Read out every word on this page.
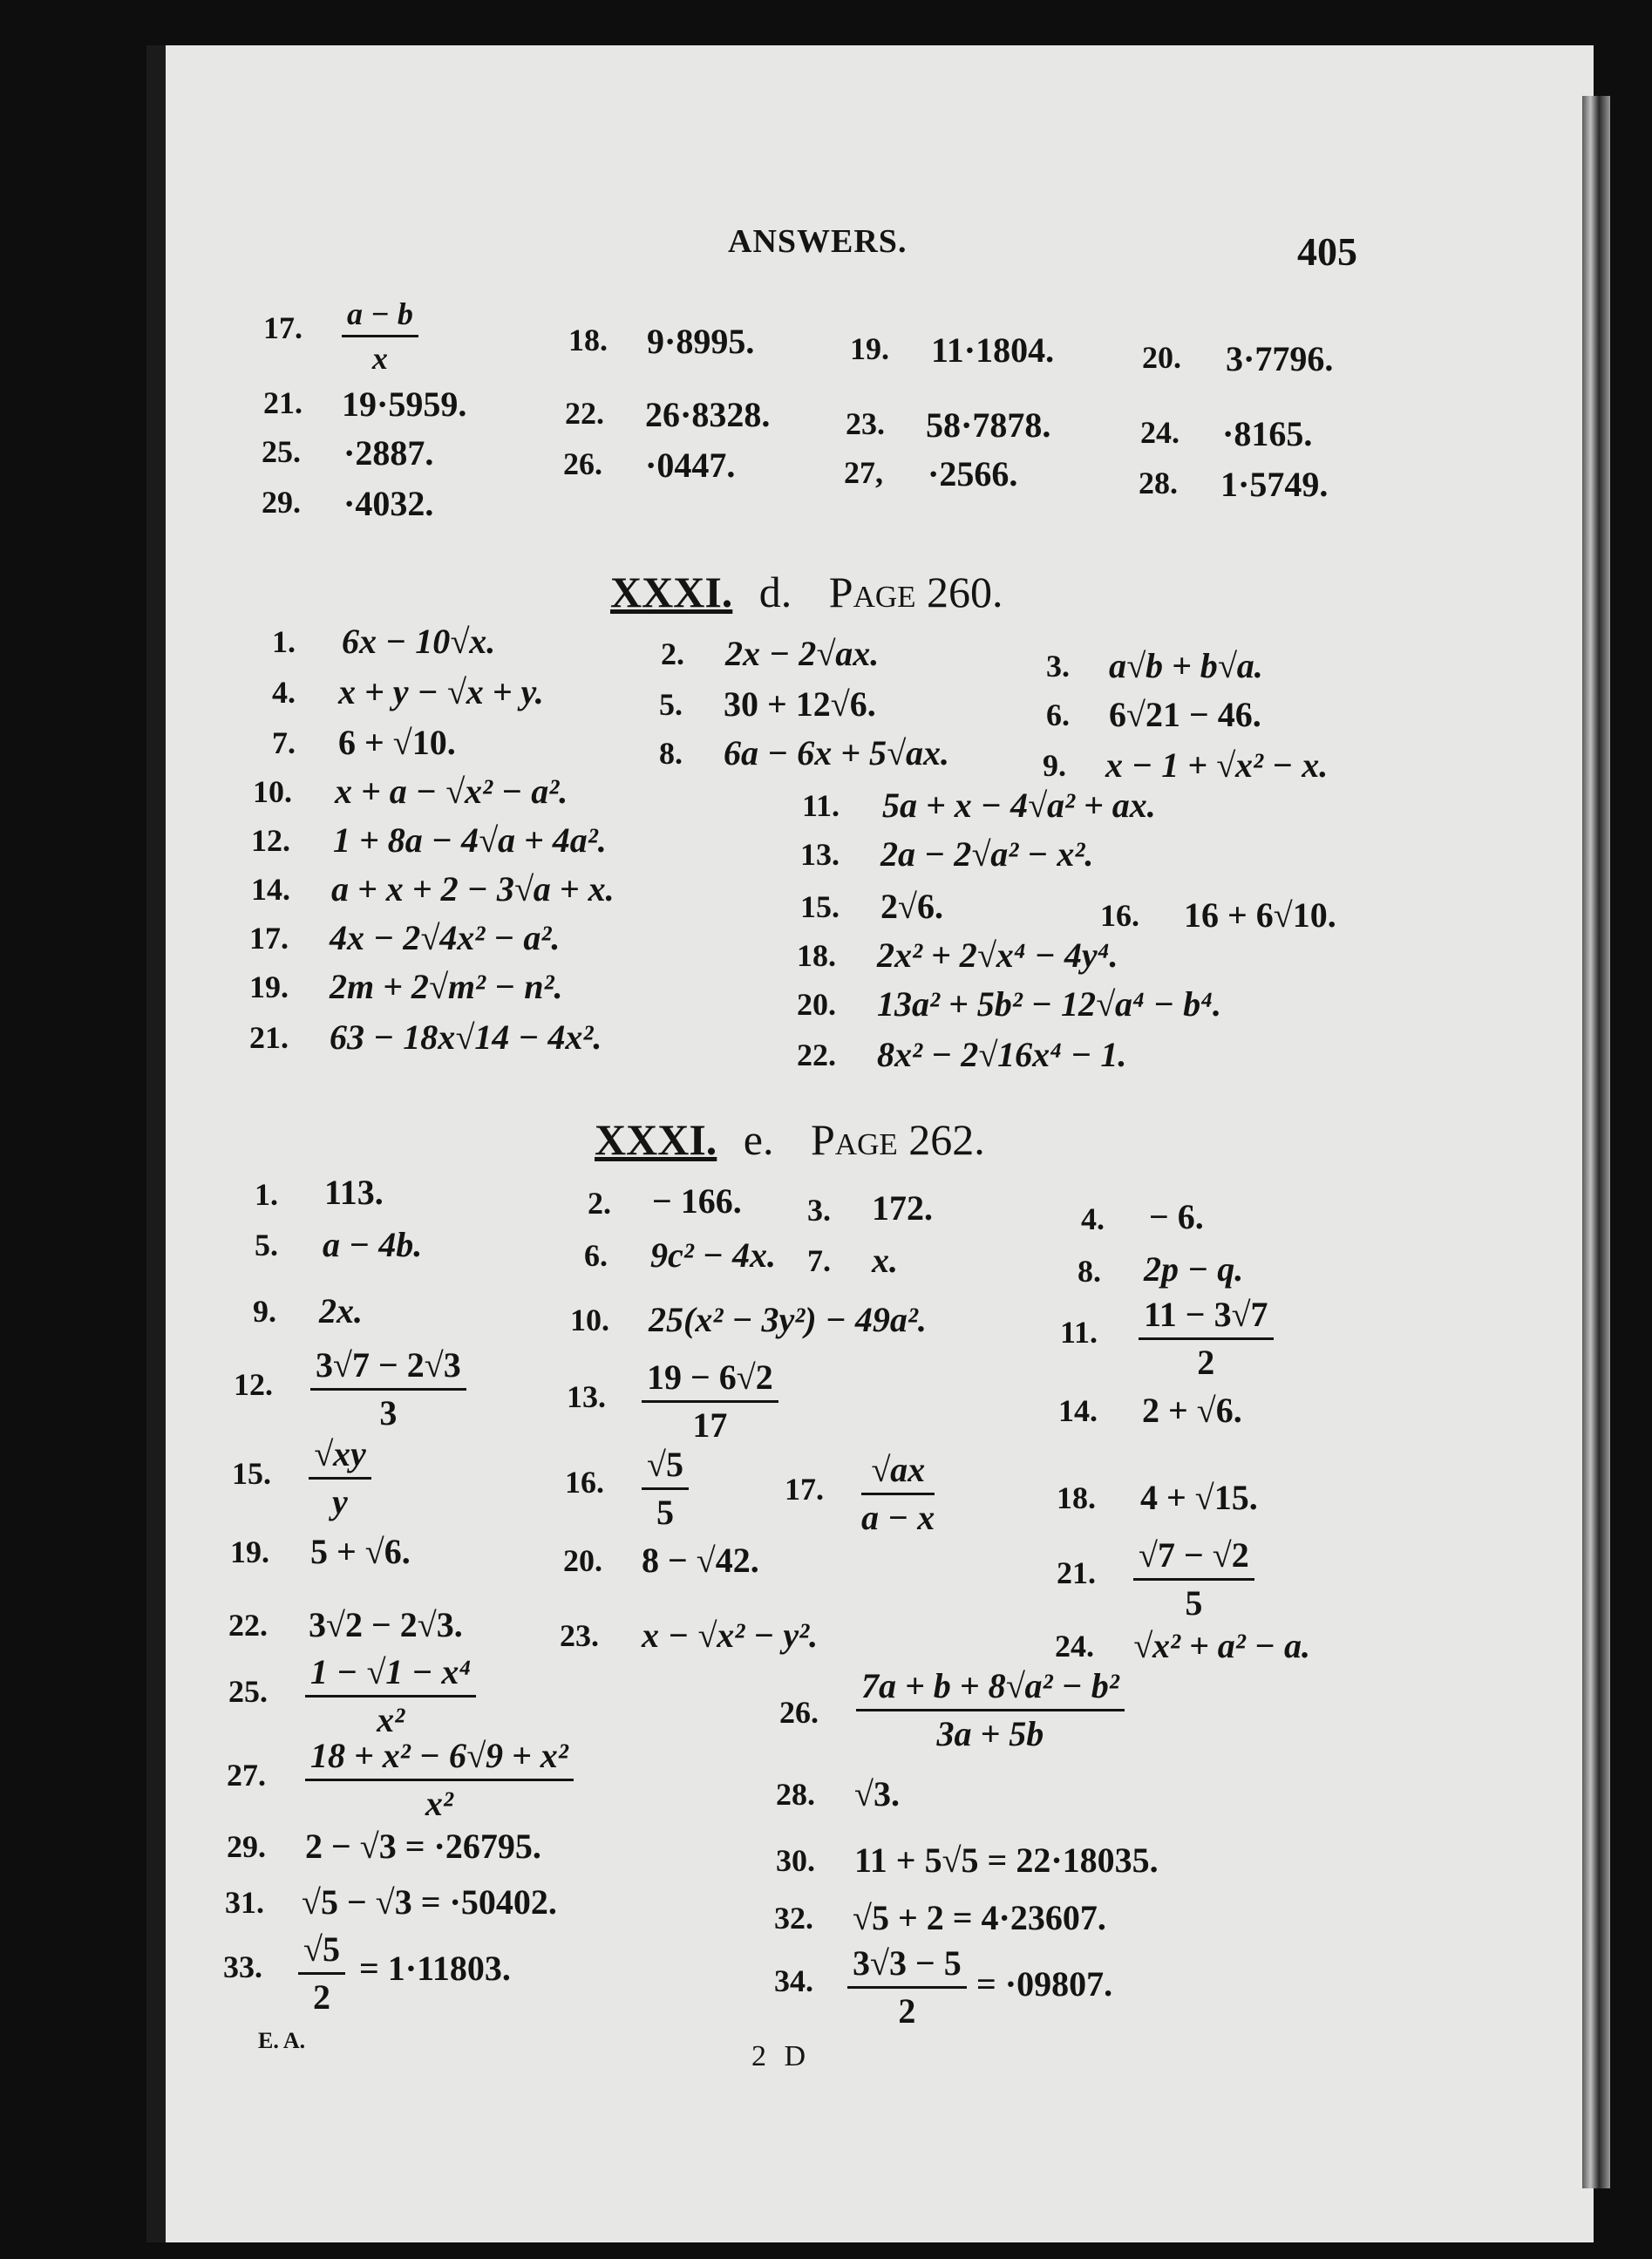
ANSWERS.	405
17. $\frac{a - b}{x}$	18. 9·8995.	19. 11·1804.	20. 3·7796.
21. 19·5959.	22. 26·8328. 23. 58·7878.	24. ·8165.
25. ·2887.	26. ·0447.	27, ·2566.	28. 1·5749.
29. ·4032.
XXXI. d. Page 260.
1. 6x − 10√x.	2. 2x − 2√ax.	3. a√b + b√a.
4. x + y − √x + y.	5. 30 + 12√6.	6. 6√21 − 46.
7. 6 + √10.	8. 6a − 6x + 5√ax.	9. x − 1 + √x² − x.
10. x + a − √x² − a².	11. 5a + x − 4√a² + ax.
12. 1 + 8a − 4√a + 4a².	13. 2a − 2√a² − x².
14. a + x + 2 − 3√a + x.	15. 2√6.	16. 16 + 6√10.
17. 4x − 2√4x² − a².	18. 2x² + 2√x⁴ − 4y⁴.
19. 2m + 2√m² − n².	20. 13a² + 5b² − 12√a⁴ − b⁴.
21. 63 − 18x√14 − 4x².	22. 8x² − 2√16x⁴ − 1.
XXXI. e. Page 262.
1. 113.	2. − 166. 3. 172.	4. − 6.
5. a − 4b.	6. 9c² − 4x. 7. x.	8. 2p − q.
9. 2x.	10. 25(x² − 3y²) − 49a².	11. $\frac{11 - 3√7}{2}$
12. $\frac{3√7 - 2√3}{3}$	13. $\frac{19 - 6√2}{17}$	14. 2 + √6.
15. $\frac{√xy}{y}$	16. $\frac{√5}{5}$	17. $\frac{√ax}{a - x}$	18. 4 + √15.
19. 5 + √6.	20. 8 − √42.	21. $\frac{√7 - √2}{5}$
22. 3√2 − 2√3.	23. x − √x² − y².	24. √x² + a² − a.
25. $\frac{\text{1 − √1 − x⁴}}{\text{x²}}$	26. $\frac{\text{7a + b + 8√a² − b²}}{3a + 5b}$
27. $\frac{\text{18 + x² − 6√9 + x²}}{\text{x²}}$	28. √3.
29. 2 − √3 = ·26795.	30. 11 + 5√5 = 22·18035.
31. √5 − √3 = ·50402.	32. √5 + 2 = 4·23607.
33. $\frac{√5}{2} = 1\cdot 11803$.	34. $\frac{3√3 - 5}{2} = \cdot 09807$.
E. A.	2 D
